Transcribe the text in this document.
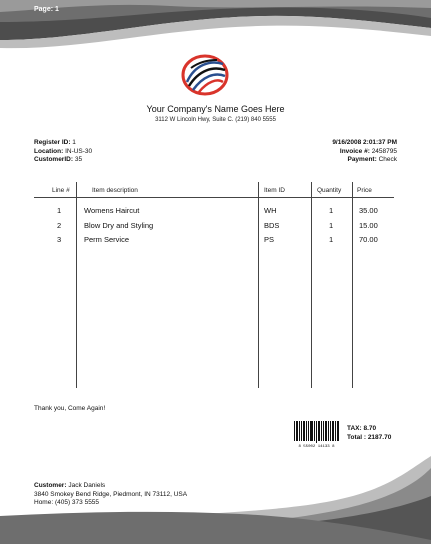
Page: 1
Your Company's Name Goes Here
3112 W Lincoln Hwy, Suite C. (219) 840 5555
Register ID: 1
Location: IN-US-30
CustomerID: 35
9/16/2008 2:01:37 PM
Invoice #: 2458795
Payment: Check
Line #	Item description	Item ID	Quantity Price
1	Womens Haircut	WH	1	35.00
2	Blow Dry and Styling	BDS	1	15.00
3	Perm Service	PS	1	70.00
Thank you, Come Again!
8 55002 14133 8
TAX: 8.70
Total : 2187.70
Customer: Jack Daniels
3840 Smokey Bend Ridge, Piedmont, IN 73112, USA
Home: (405) 373 5555
